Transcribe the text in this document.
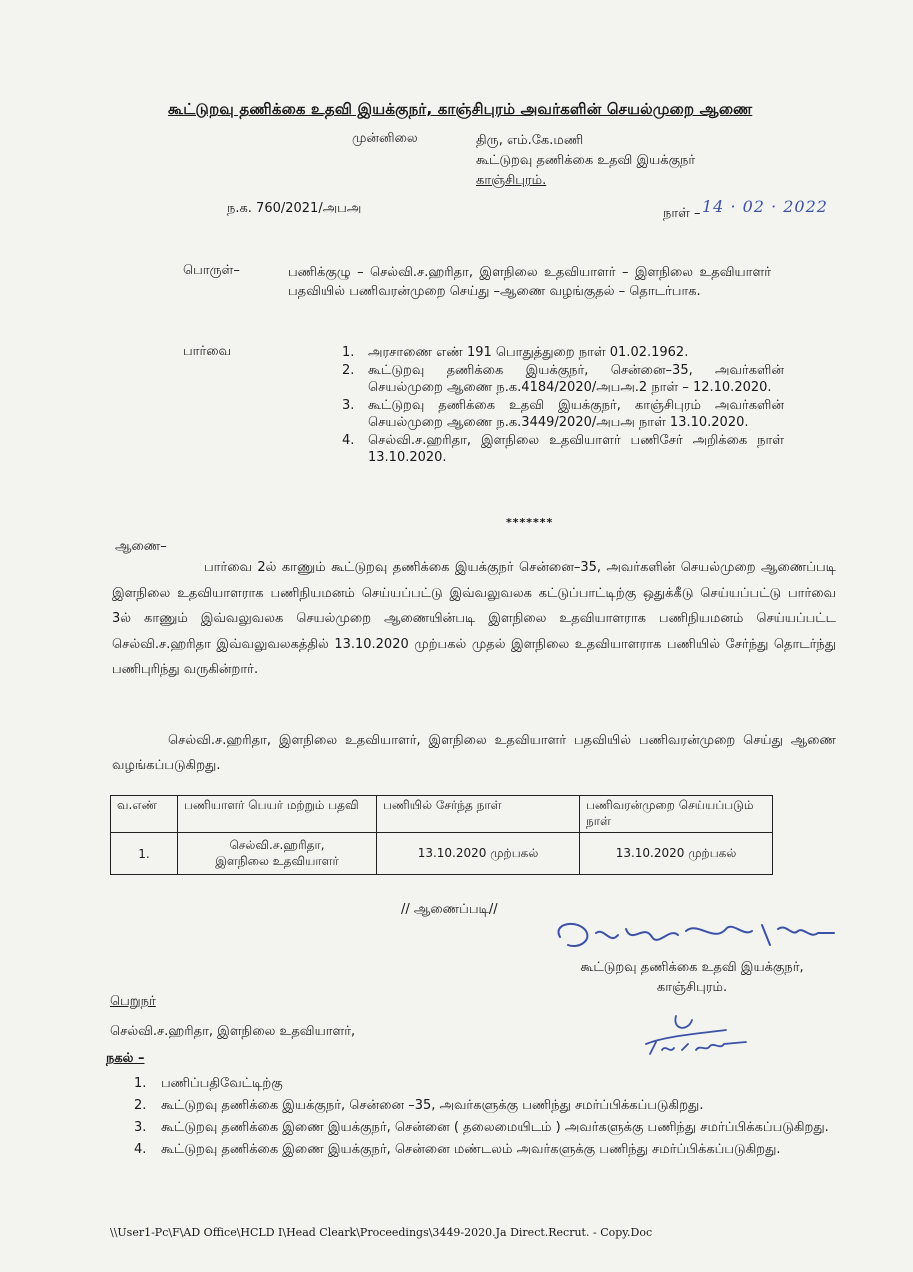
கூட்டுறவு தணிக்கை உதவி இயக்குநர், காஞ்சிபுரம் அவர்களின் செயல்முறை ஆணை
முன்னிலை	திரு, எம்.கே.மணி
கூட்டுறவு தணிக்கை உதவி இயக்குநர்
காஞ்சிபுரம்.
ந.க. 760/2021/அபஅ	நாள் – 14 · 02 · 2022
பொருள்–	பணிக்குழு – செல்வி.ச.ஹரிதா, இளநிலை உதவியாளர் – இளநிலை உதவியாளர் பதவியில் பணிவரன்முறை செய்து –ஆணை வழங்குதல் – தொடர்பாக.
பார்வை	1.	அரசாணை எண் 191 பொதுத்துறை நாள் 01.02.1962.
2.	கூட்டுறவு தணிக்கை இயக்குநர், சென்னை–35, அவர்களின் செயல்முறை ஆணை ந.க.4184/2020/அபஅ.2 நாள் – 12.10.2020.
3.	கூட்டுறவு தணிக்கை உதவி இயக்குநர், காஞ்சிபுரம் அவர்களின் செயல்முறை ஆணை ந.க.3449/2020/அபஅ நாள் 13.10.2020.
4.	செல்வி.ச.ஹரிதா, இளநிலை உதவியாளர் பணிசேர் அறிக்கை நாள் 13.10.2020.
*******
ஆணை–
பார்வை 2ல் காணும் கூட்டுறவு தணிக்கை இயக்குநர் சென்னை–35, அவர்களின் செயல்முறை ஆணைப்படி இளநிலை உதவியாளராக பணிநியமனம் செய்யப்பட்டு இவ்வலுவலக கட்டுப்பாட்டிற்கு ஒதுக்கீடு செய்யப்பட்டு பார்வை 3ல் காணும் இவ்வலுவலக செயல்முறை ஆணையின்படி இளநிலை உதவியாளராக பணிநியமனம் செய்யப்பட்ட செல்வி.ச.ஹரிதா இவ்வலுவலகத்தில் 13.10.2020 முற்பகல் முதல் இளநிலை உதவியாளராக பணியில் சேர்ந்து தொடர்ந்து பணிபுரிந்து வருகின்றார்.
செல்வி.ச.ஹரிதா, இளநிலை உதவியாளர், இளநிலை உதவியாளர் பதவியில் பணிவரன்முறை செய்து ஆணை வழங்கப்படுகிறது.
வ.எண்	பணியாளர் பெயர் மற்றும் பதவி	பணியில் சேர்ந்த நாள்	பணிவரன்முறை செய்யப்படும் நாள்
1.	செல்வி.ச.ஹரிதா,
இளநிலை உதவியாளர்	13.10.2020 முற்பகல்	13.10.2020 முற்பகல்
// ஆணைப்படி//
கூட்டுறவு தணிக்கை உதவி இயக்குநர்,
காஞ்சிபுரம்.
பெறுநர்
செல்வி.ச.ஹரிதா, இளநிலை உதவியாளர்,
நகல் –
1.	பணிப்பதிவேட்டிற்கு
2.	கூட்டுறவு தணிக்கை இயக்குநர், சென்னை –35, அவர்களுக்கு பணிந்து சமர்ப்பிக்கப்படுகிறது.
3.	கூட்டுறவு தணிக்கை இணை இயக்குநர், சென்னை ( தலைமையிடம் ) அவர்களுக்கு பணிந்து சமர்ப்பிக்கப்படுகிறது.
4.	கூட்டுறவு தணிக்கை இணை இயக்குநர், சென்னை மண்டலம் அவர்களுக்கு பணிந்து சமர்ப்பிக்கப்படுகிறது.
\\User1-Pc\F\AD Office\HCLD I\Head Cleark\Proceedings\3449-2020.Ja Direct.Recrut. - Copy.Doc
